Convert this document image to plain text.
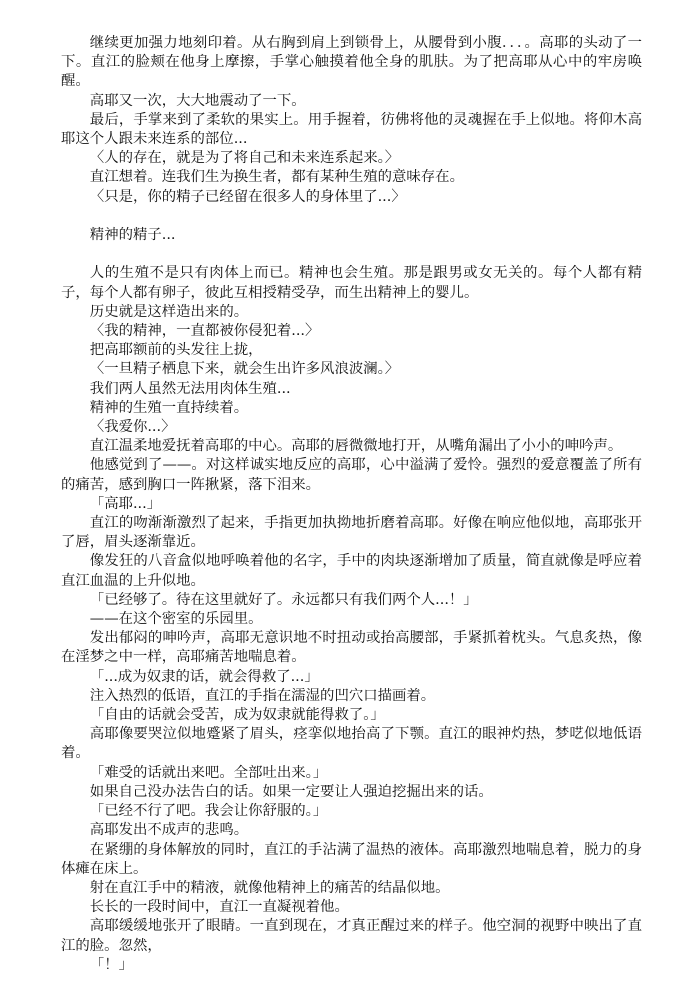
继续更加强力地刻印着。从右胸到肩上到锁骨上，从腰骨到小腹．．．。高耶的头动了一下。直江的脸颊在他身上摩擦，手掌心触摸着他全身的肌肤。为了把高耶从心中的牢房唤醒。

高耶又一次，大大地震动了一下。

最后，手掌来到了柔软的果实上。用手握着，彷佛将他的灵魂握在手上似地。将仰木高耶这个人跟未来连系的部位...

〈人的存在，就是为了将自己和未来连系起来。〉

直江想着。连我们生为换生者，都有某种生殖的意味存在。

〈只是，你的精子已经留在很多人的身体里了...〉

精神的精子...

人的生殖不是只有肉体上而已。精神也会生殖。那是跟男或女无关的。每个人都有精子，每个人都有卵子，彼此互相授精受孕，而生出精神上的婴儿。

历史就是这样造出来的。

〈我的精神，一直都被你侵犯着...〉

把高耶额前的头发往上拢，

〈一旦精子栖息下来，就会生出许多风浪波澜。〉

我们两人虽然无法用肉体生殖...

精神的生殖一直持续着。

〈我爱你...〉

直江温柔地爱抚着高耶的中心。高耶的唇微微地打开，从嘴角漏出了小小的呻吟声。

他感觉到了——。对这样诚实地反应的高耶，心中溢满了爱怜。强烈的爱意覆盖了所有的痛苦，感到胸口一阵揪紧，落下泪来。

「高耶...」

直江的吻渐渐激烈了起来，手指更加执拗地折磨着高耶。好像在响应他似地，高耶张开了唇，眉头逐渐靠近。

像发狂的八音盒似地呼唤着他的名字，手中的肉块逐渐增加了质量，简直就像是呼应着直江血温的上升似地。

「已经够了。待在这里就好了。永远都只有我们两个人...！」

——在这个密室的乐园里。

发出郁闷的呻吟声，高耶无意识地不时扭动或抬高腰部，手紧抓着枕头。气息炙热，像在淫梦之中一样，高耶痛苦地喘息着。

「...成为奴隶的话，就会得救了...」

注入热烈的低语，直江的手指在濡湿的凹穴口描画着。

「自由的话就会受苦，成为奴隶就能得救了。」

高耶像要哭泣似地蹙紧了眉头，痉挛似地抬高了下颚。直江的眼神灼热，梦呓似地低语着。

「难受的话就出来吧。全部吐出来。」

如果自己没办法告白的话。如果一定要让人强迫挖掘出来的话。

「已经不行了吧。我会让你舒服的。」

高耶发出不成声的悲鸣。

在紧绷的身体解放的同时，直江的手沾满了温热的液体。高耶激烈地喘息着，脱力的身体瘫在床上。

射在直江手中的精液，就像他精神上的痛苦的结晶似地。

长长的一段时间中，直江一直凝视着他。

高耶缓缓地张开了眼睛。一直到现在，才真正醒过来的样子。他空洞的视野中映出了直江的脸。忽然，

「！」
